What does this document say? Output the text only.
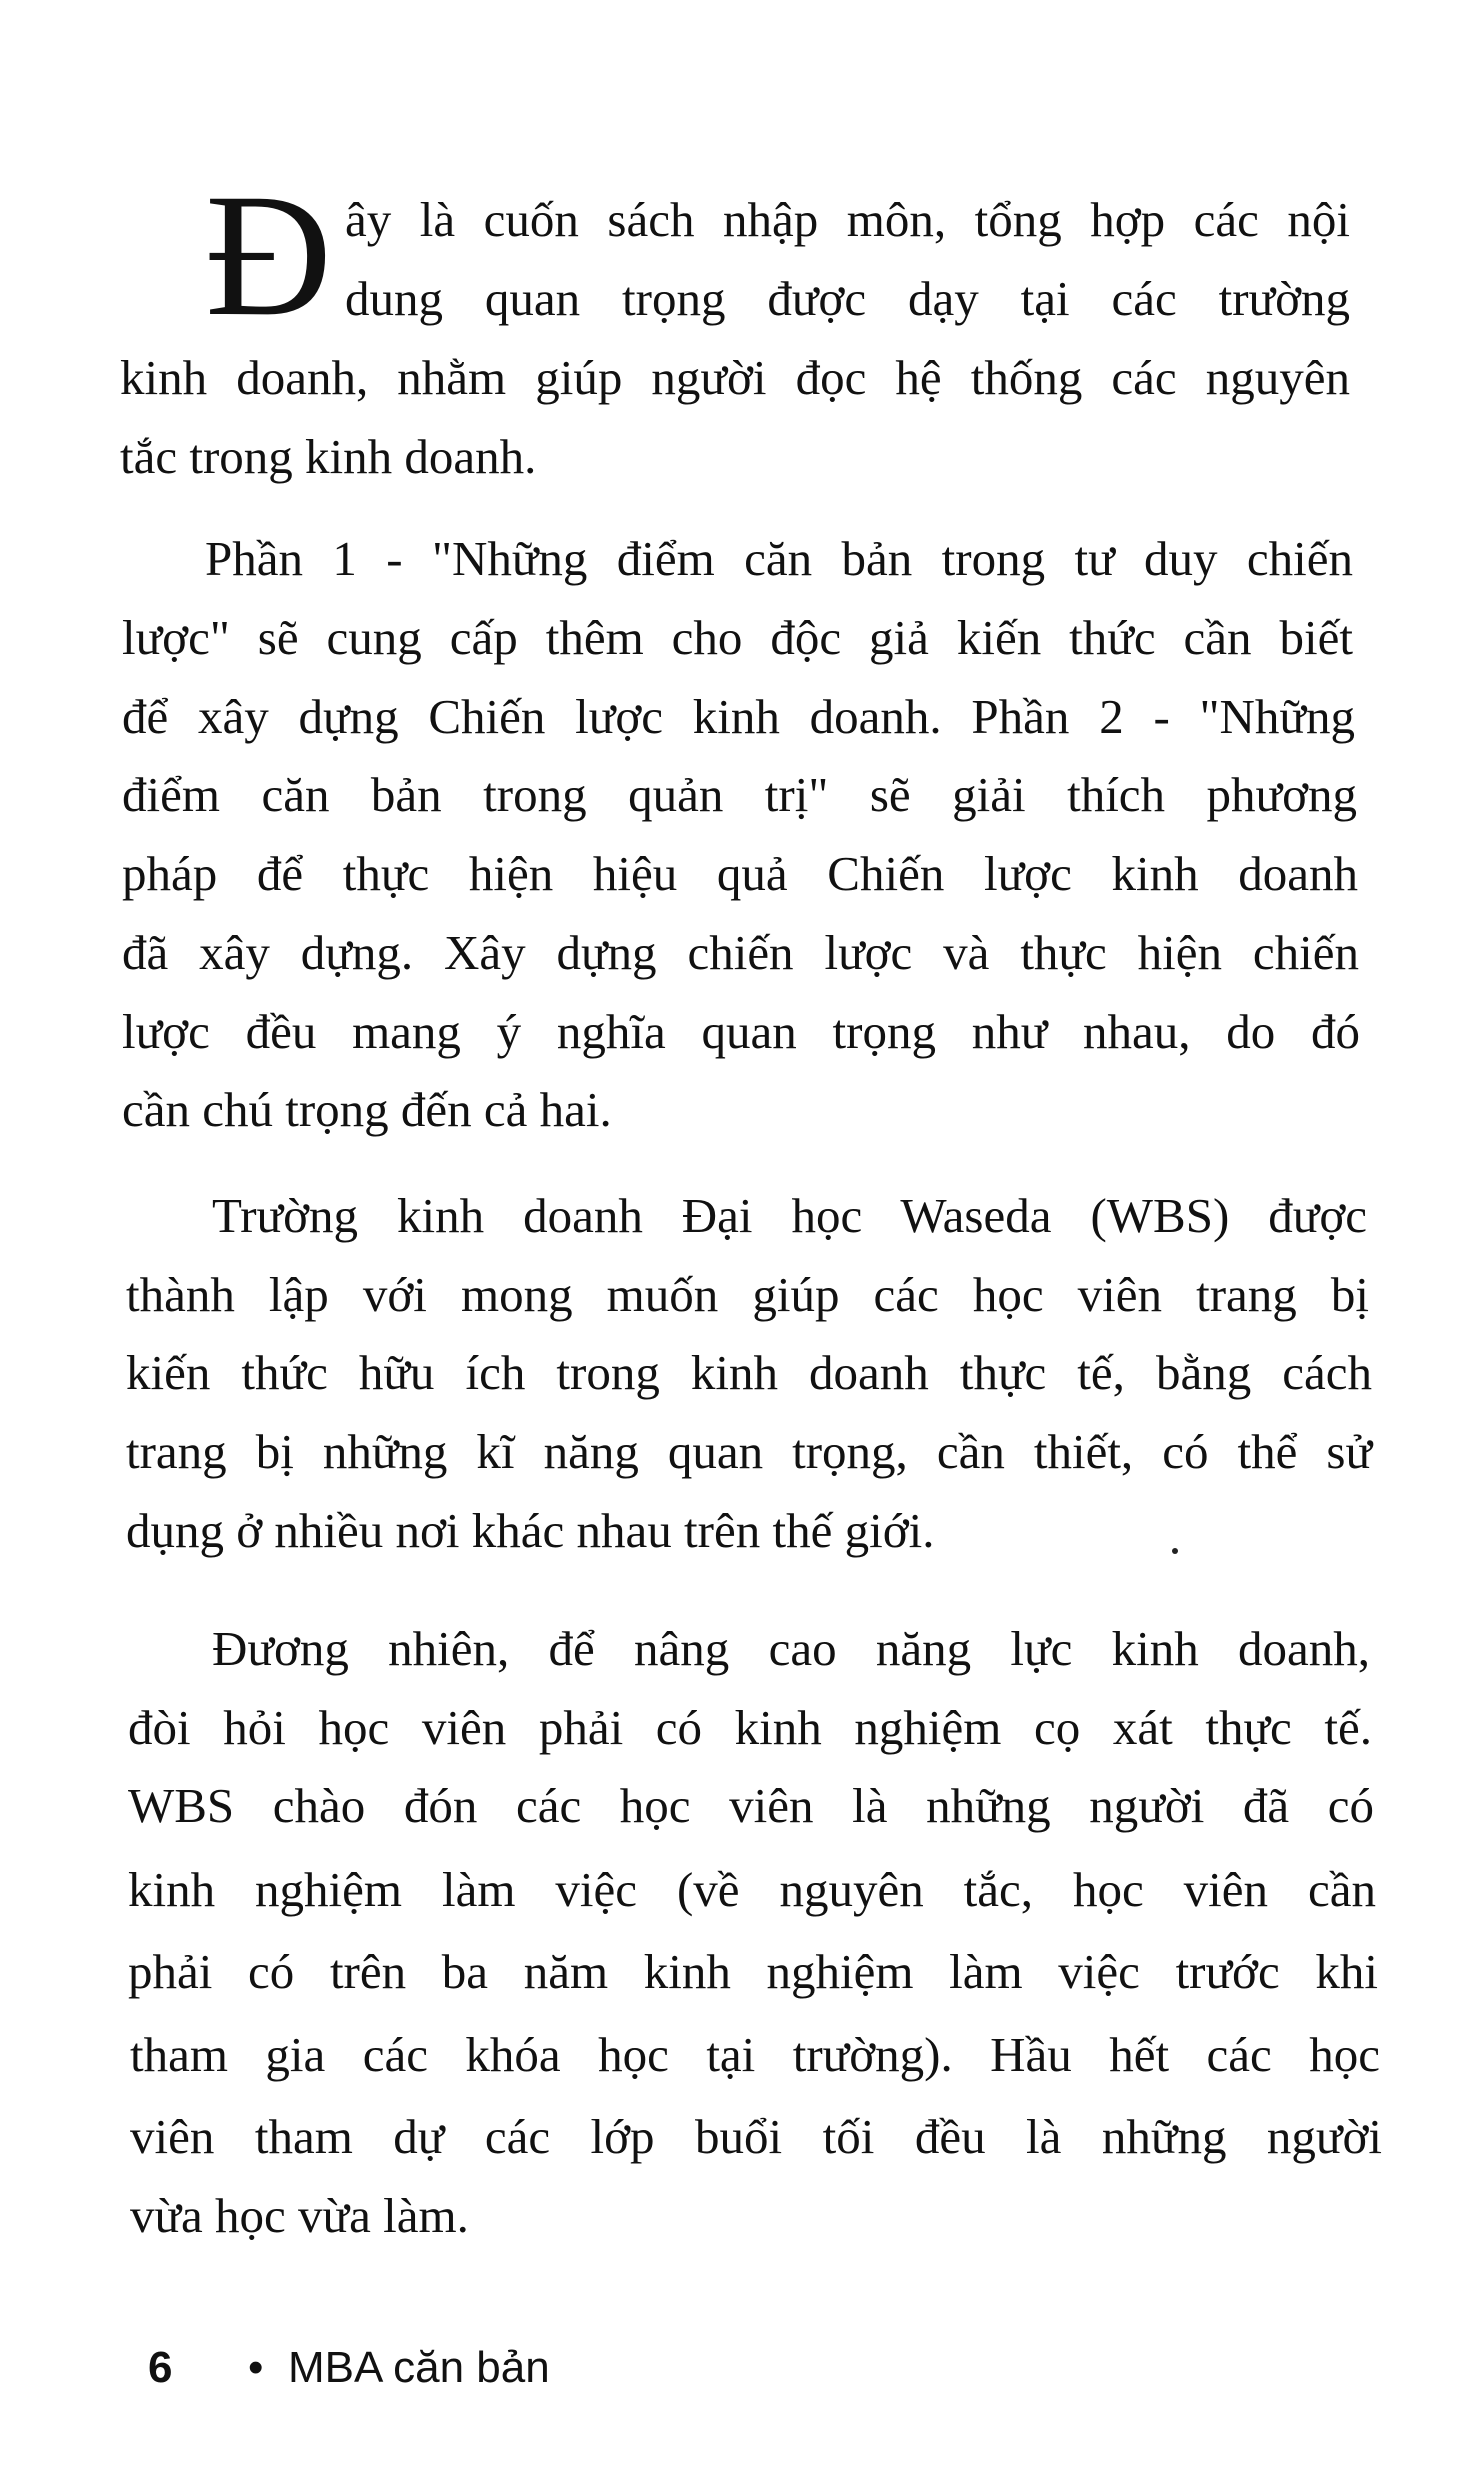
Đ ây là cuốn sách nhập môn, tổng hợp các nội
dung quan trọng được dạy tại các trường
kinh doanh, nhằm giúp người đọc hệ thống các nguyên
tắc trong kinh doanh.
Phần 1 - "Những điểm căn bản trong tư duy chiến
lược" sẽ cung cấp thêm cho độc giả kiến thức cần biết
để xây dựng Chiến lược kinh doanh. Phần 2 - "Những
điểm căn bản trong quản trị" sẽ giải thích phương
pháp để thực hiện hiệu quả Chiến lược kinh doanh
đã xây dựng. Xây dựng chiến lược và thực hiện chiến
lược đều mang ý nghĩa quan trọng như nhau, do đó
cần chú trọng đến cả hai.
Trường kinh doanh Đại học Waseda (WBS) được
thành lập với mong muốn giúp các học viên trang bị
kiến thức hữu ích trong kinh doanh thực tế, bằng cách
trang bị những kĩ năng quan trọng, cần thiết, có thể sử
dụng ở nhiều nơi khác nhau trên thế giới.
Đương nhiên, để nâng cao năng lực kinh doanh,
đòi hỏi học viên phải có kinh nghiệm cọ xát thực tế.
WBS chào đón các học viên là những người đã có
kinh nghiệm làm việc (về nguyên tắc, học viên cần
phải có trên ba năm kinh nghiệm làm việc trước khi
tham gia các khóa học tại trường). Hầu hết các học
viên tham dự các lớp buổi tối đều là những người
vừa học vừa làm.
6 • MBA căn bản
